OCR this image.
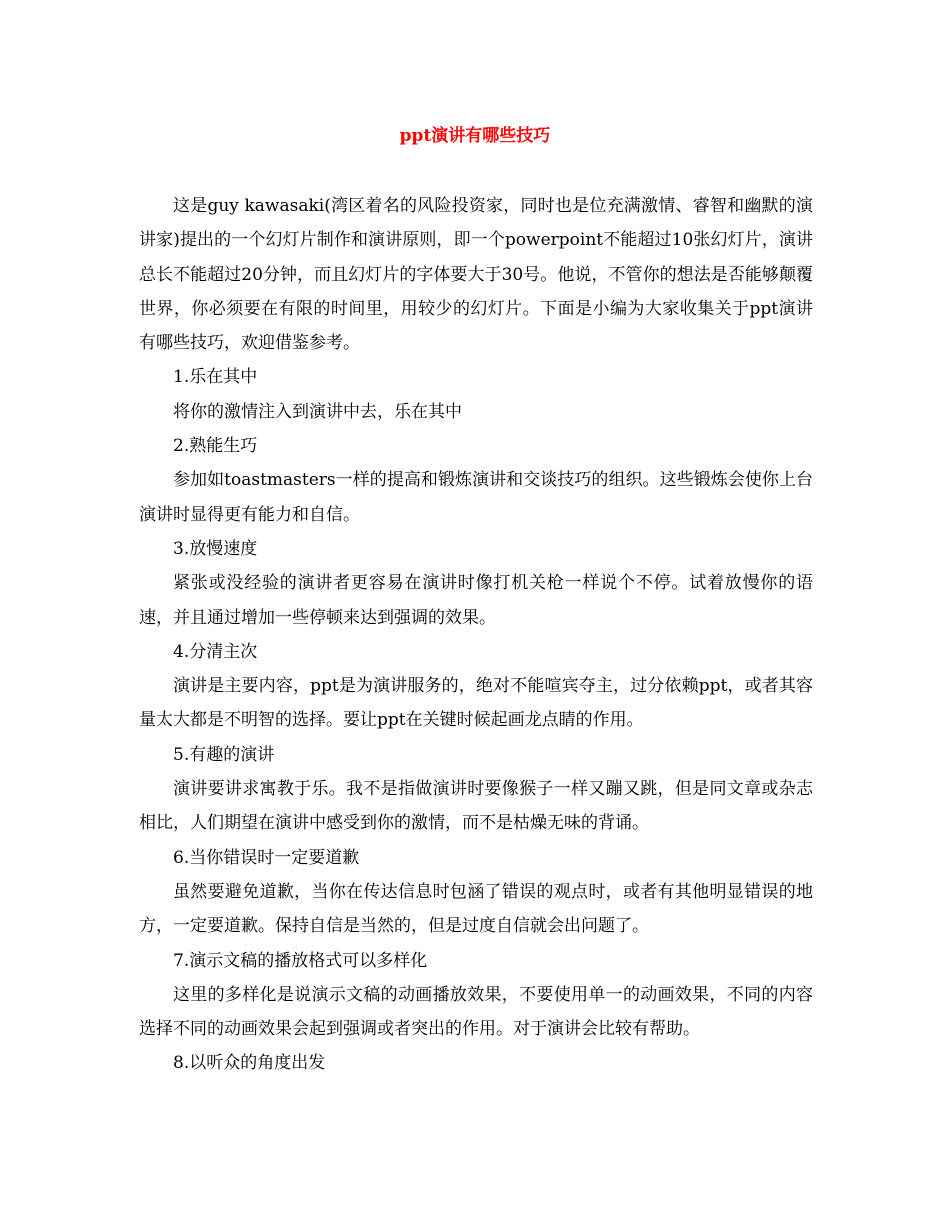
ppt演讲有哪些技巧

这是guy kawasaki(湾区着名的风险投资家，同时也是位充满激情、睿智和幽默的演讲家)提出的一个幻灯片制作和演讲原则，即一个powerpoint不能超过10张幻灯片，演讲总长不能超过20分钟，而且幻灯片的字体要大于30号。他说，不管你的想法是否能够颠覆世界，你必须要在有限的时间里，用较少的幻灯片。下面是小编为大家收集关于ppt演讲有哪些技巧，欢迎借鉴参考。

1.乐在其中

将你的激情注入到演讲中去，乐在其中

2.熟能生巧

参加如toastmasters一样的提高和锻炼演讲和交谈技巧的组织。这些锻炼会使你上台演讲时显得更有能力和自信。

3.放慢速度

紧张或没经验的演讲者更容易在演讲时像打机关枪一样说个不停。试着放慢你的语速，并且通过增加一些停顿来达到强调的效果。

4.分清主次

演讲是主要内容，ppt是为演讲服务的，绝对不能喧宾夺主，过分依赖ppt，或者其容量太大都是不明智的选择。要让ppt在关键时候起画龙点睛的作用。

5.有趣的演讲

演讲要讲求寓教于乐。我不是指做演讲时要像猴子一样又蹦又跳，但是同文章或杂志相比，人们期望在演讲中感受到你的激情，而不是枯燥无味的背诵。

6.当你错误时一定要道歉

虽然要避免道歉，当你在传达信息时包涵了错误的观点时，或者有其他明显错误的地方，一定要道歉。保持自信是当然的，但是过度自信就会出问题了。

7.演示文稿的播放格式可以多样化

这里的多样化是说演示文稿的动画播放效果，不要使用单一的动画效果，不同的内容选择不同的动画效果会起到强调或者突出的作用。对于演讲会比较有帮助。

8.以听众的角度出发
